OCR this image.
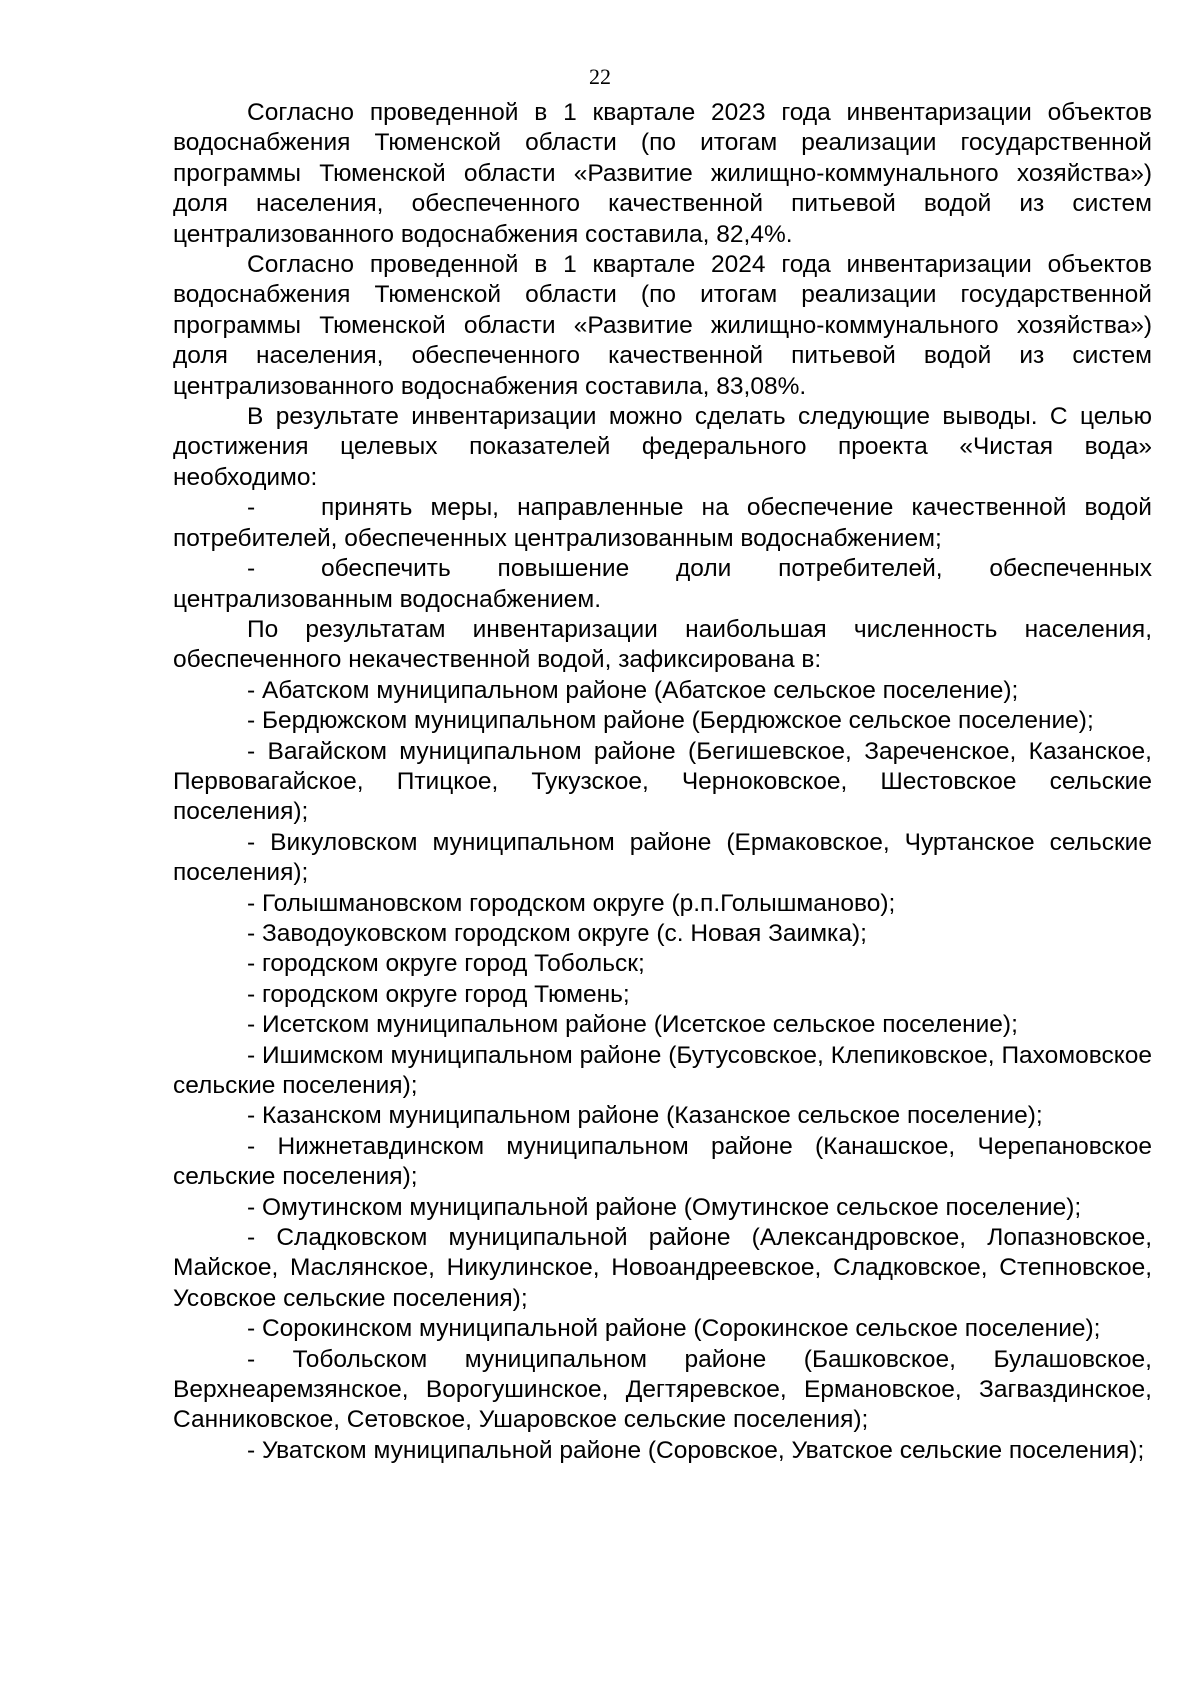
22

Согласно проведенной в 1 квартале 2023 года инвентаризации объектов водоснабжения Тюменской области (по итогам реализации государственной программы Тюменской области «Развитие жилищно-коммунального хозяйства») доля населения, обеспеченного качественной питьевой водой из систем централизованного водоснабжения составила, 82,4%.

Согласно проведенной в 1 квартале 2024 года инвентаризации объектов водоснабжения Тюменской области (по итогам реализации государственной программы Тюменской области «Развитие жилищно-коммунального хозяйства») доля населения, обеспеченного качественной питьевой водой из систем централизованного водоснабжения составила, 83,08%.

В результате инвентаризации можно сделать следующие выводы. С целью достижения целевых показателей федерального проекта «Чистая вода» необходимо:

-	принять меры, направленные на обеспечение качественной водой потребителей, обеспеченных централизованным водоснабжением;

-	обеспечить повышение доли потребителей, обеспеченных централизованным водоснабжением.

По результатам инвентаризации наибольшая численность населения, обеспеченного некачественной водой, зафиксирована в:

- Абатском муниципальном районе (Абатское сельское поселение);

- Бердюжском муниципальном районе (Бердюжское сельское поселение);

- Вагайском муниципальном районе (Бегишевское, Зареченское, Казанское, Первовагайское, Птицкое, Тукузское, Черноковское, Шестовское сельские поселения);

- Викуловском муниципальном районе (Ермаковское, Чуртанское сельские поселения);

- Голышмановском городском округе (р.п.Голышманово);

- Заводоуковском городском округе (с. Новая Заимка);

- городском округе город Тобольск;

- городском округе город Тюмень;

- Исетском муниципальном районе (Исетское сельское поселение);

- Ишимском муниципальном районе (Бутусовское, Клепиковское, Пахомовское сельские поселения);

- Казанском муниципальном районе (Казанское сельское поселение);

- Нижнетавдинском муниципальном районе (Канашское, Черепановское сельские поселения);

- Омутинском муниципальной районе (Омутинское сельское поселение);

- Сладковском муниципальной районе (Александровское, Лопазновское, Майское, Маслянское, Никулинское, Новоандреевское, Сладковское, Степновское, Усовское сельские поселения);

- Сорокинском муниципальной районе (Сорокинское сельское поселение);

- Тобольском муниципальном районе (Башковское, Булашовское, Верхнеаремзянское, Ворогушинское, Дегтяревское, Ермановское, Загваздинское, Санниковское, Сетовское, Ушаровское сельские поселения);

- Уватском муниципальной районе (Соровское, Уватское сельские поселения);
